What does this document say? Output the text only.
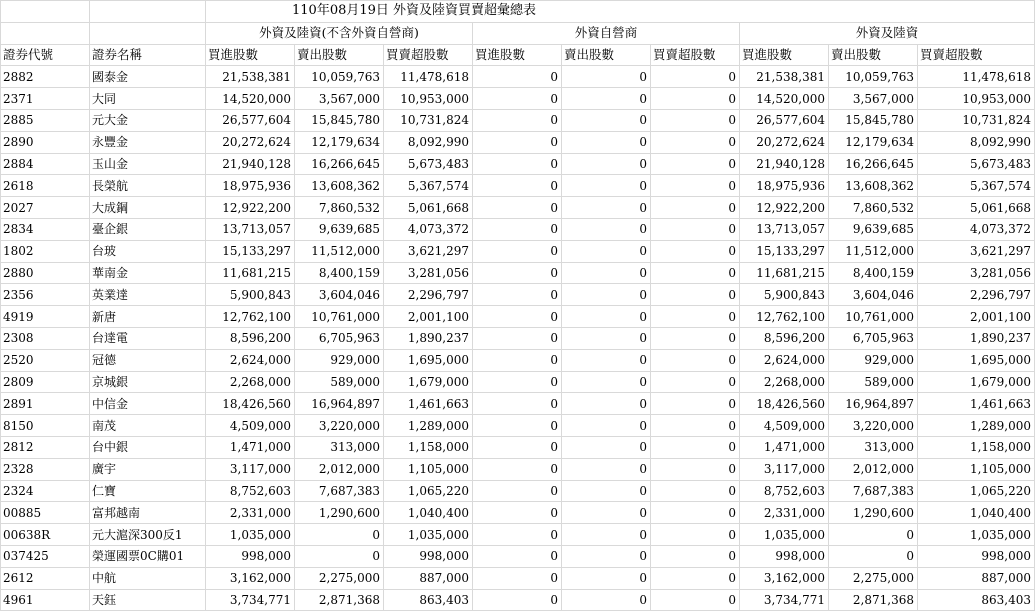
		110年08月19日 外資及陸資買賣超彙總表								
		外資及陸資(不含外資自營商)			外資自營商			外資及陸資		
證券代號	證券名稱	買進股數	賣出股數	買賣超股數	買進股數	賣出股數	買賣超股數	買進股數	賣出股數	買賣超股數
2882	國泰金	21,538,381	10,059,763	11,478,618	0	0	0	21,538,381	10,059,763	11,478,618
2371	大同	14,520,000	3,567,000	10,953,000	0	0	0	14,520,000	3,567,000	10,953,000
2885	元大金	26,577,604	15,845,780	10,731,824	0	0	0	26,577,604	15,845,780	10,731,824
2890	永豐金	20,272,624	12,179,634	8,092,990	0	0	0	20,272,624	12,179,634	8,092,990
2884	玉山金	21,940,128	16,266,645	5,673,483	0	0	0	21,940,128	16,266,645	5,673,483
2618	長榮航	18,975,936	13,608,362	5,367,574	0	0	0	18,975,936	13,608,362	5,367,574
2027	大成鋼	12,922,200	7,860,532	5,061,668	0	0	0	12,922,200	7,860,532	5,061,668
2834	臺企銀	13,713,057	9,639,685	4,073,372	0	0	0	13,713,057	9,639,685	4,073,372
1802	台玻	15,133,297	11,512,000	3,621,297	0	0	0	15,133,297	11,512,000	3,621,297
2880	華南金	11,681,215	8,400,159	3,281,056	0	0	0	11,681,215	8,400,159	3,281,056
2356	英業達	5,900,843	3,604,046	2,296,797	0	0	0	5,900,843	3,604,046	2,296,797
4919	新唐	12,762,100	10,761,000	2,001,100	0	0	0	12,762,100	10,761,000	2,001,100
2308	台達電	8,596,200	6,705,963	1,890,237	0	0	0	8,596,200	6,705,963	1,890,237
2520	冠德	2,624,000	929,000	1,695,000	0	0	0	2,624,000	929,000	1,695,000
2809	京城銀	2,268,000	589,000	1,679,000	0	0	0	2,268,000	589,000	1,679,000
2891	中信金	18,426,560	16,964,897	1,461,663	0	0	0	18,426,560	16,964,897	1,461,663
8150	南茂	4,509,000	3,220,000	1,289,000	0	0	0	4,509,000	3,220,000	1,289,000
2812	台中銀	1,471,000	313,000	1,158,000	0	0	0	1,471,000	313,000	1,158,000
2328	廣宇	3,117,000	2,012,000	1,105,000	0	0	0	3,117,000	2,012,000	1,105,000
2324	仁寶	8,752,603	7,687,383	1,065,220	0	0	0	8,752,603	7,687,383	1,065,220
00885	富邦越南	2,331,000	1,290,600	1,040,400	0	0	0	2,331,000	1,290,600	1,040,400
00638R	元大滬深300反1	1,035,000	0	1,035,000	0	0	0	1,035,000	0	1,035,000
037425	榮運國票0C購01	998,000	0	998,000	0	0	0	998,000	0	998,000
2612	中航	3,162,000	2,275,000	887,000	0	0	0	3,162,000	2,275,000	887,000
4961	天鈺	3,734,771	2,871,368	863,403	0	0	0	3,734,771	2,871,368	863,403
